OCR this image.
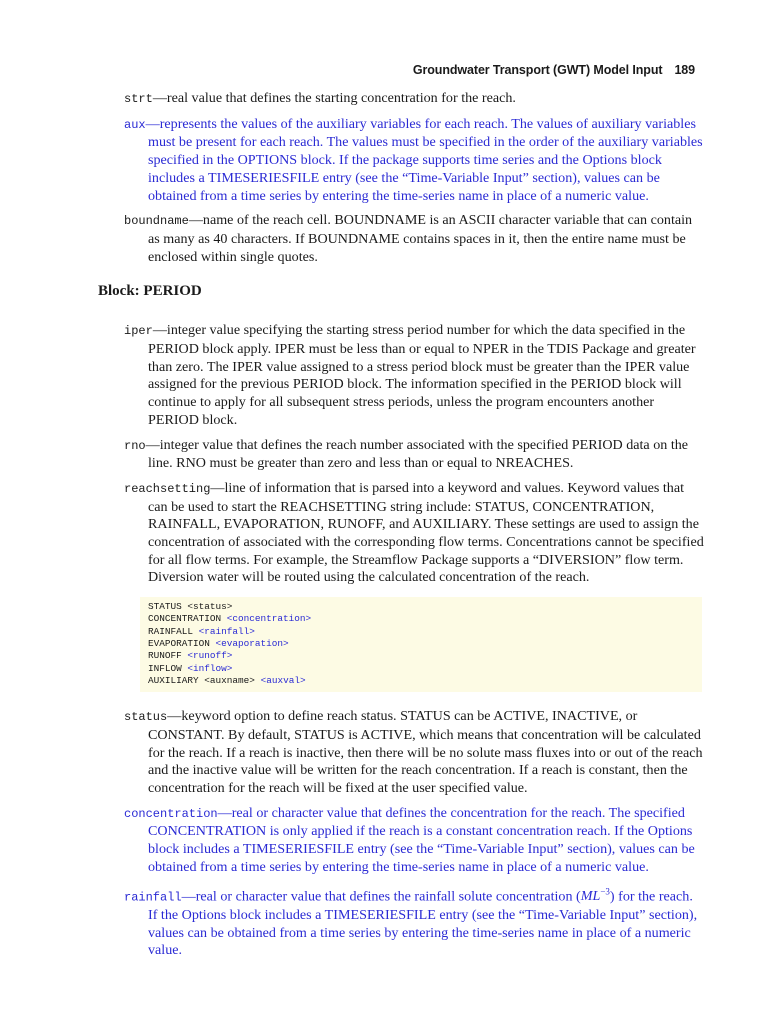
Groundwater Transport (GWT) Model Input 189
strt—real value that defines the starting concentration for the reach.
aux—represents the values of the auxiliary variables for each reach. The values of auxiliary variables must be present for each reach. The values must be specified in the order of the auxiliary variables specified in the OPTIONS block. If the package supports time series and the Options block includes a TIMESERIESFILE entry (see the “Time-Variable Input” section), values can be obtained from a time series by entering the time-series name in place of a numeric value.
boundname—name of the reach cell. BOUNDNAME is an ASCII character variable that can contain as many as 40 characters. If BOUNDNAME contains spaces in it, then the entire name must be enclosed within single quotes.
Block: PERIOD
iper—integer value specifying the starting stress period number for which the data specified in the PERIOD block apply. IPER must be less than or equal to NPER in the TDIS Package and greater than zero. The IPER value assigned to a stress period block must be greater than the IPER value assigned for the previous PERIOD block. The information specified in the PERIOD block will continue to apply for all subsequent stress periods, unless the program encounters another PERIOD block.
rno—integer value that defines the reach number associated with the specified PERIOD data on the line. RNO must be greater than zero and less than or equal to NREACHES.
reachsetting—line of information that is parsed into a keyword and values. Keyword values that can be used to start the REACHSETTING string include: STATUS, CONCENTRATION, RAINFALL, EVAPORATION, RUNOFF, and AUXILIARY. These settings are used to assign the concentration of associated with the corresponding flow terms. Concentrations cannot be specified for all flow terms. For example, the Streamflow Package supports a “DIVERSION” flow term. Diversion water will be routed using the calculated concentration of the reach.
STATUS <status>
CONCENTRATION <concentration>
RAINFALL <rainfall>
EVAPORATION <evaporation>
RUNOFF <runoff>
INFLOW <inflow>
AUXILIARY <auxname> <auxval>
status—keyword option to define reach status. STATUS can be ACTIVE, INACTIVE, or CONSTANT. By default, STATUS is ACTIVE, which means that concentration will be calculated for the reach. If a reach is inactive, then there will be no solute mass fluxes into or out of the reach and the inactive value will be written for the reach concentration. If a reach is constant, then the concentration for the reach will be fixed at the user specified value.
concentration—real or character value that defines the concentration for the reach. The specified CONCENTRATION is only applied if the reach is a constant concentration reach. If the Options block includes a TIMESERIESFILE entry (see the “Time-Variable Input” section), values can be obtained from a time series by entering the time-series name in place of a numeric value.
rainfall—real or character value that defines the rainfall solute concentration $(ML^{-3})$ for the reach. If the Options block includes a TIMESERIESFILE entry (see the “Time-Variable Input” section), values can be obtained from a time series by entering the time-series name in place of a numeric value.
